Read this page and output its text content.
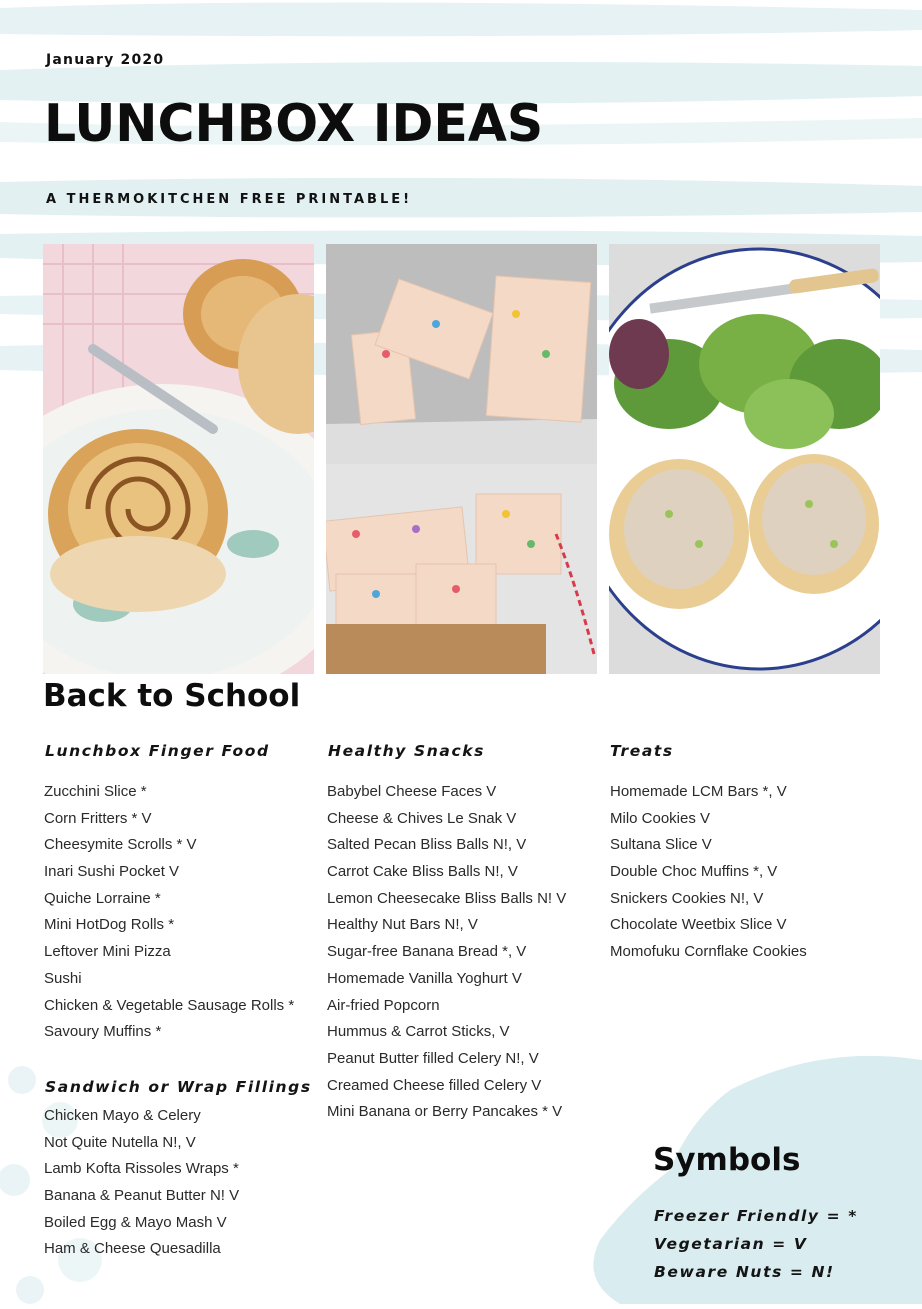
January 2020
LUNCHBOX IDEAS
A THERMOKITCHEN FREE PRINTABLE!
Back to School
Lunchbox Finger Food
Zucchini Slice *
Corn Fritters * V
Cheesymite Scrolls * V
Inari Sushi Pocket V
Quiche Lorraine *
Mini HotDog Rolls *
Leftover Mini Pizza
Sushi
Chicken & Vegetable Sausage Rolls *
Savoury Muffins *
Sandwich or Wrap Fillings
Chicken Mayo & Celery
Not Quite Nutella N!, V
Lamb Kofta Rissoles Wraps *
Banana & Peanut Butter N! V
Boiled Egg & Mayo Mash V
Ham & Cheese Quesadilla
Healthy Snacks
Babybel Cheese Faces V
Cheese & Chives Le Snak V
Salted Pecan Bliss Balls N!, V
Carrot Cake Bliss Balls N!, V
Lemon Cheesecake Bliss Balls N! V
Healthy Nut Bars N!, V
Sugar-free Banana Bread *, V
Homemade Vanilla Yoghurt V
Air-fried Popcorn
Hummus & Carrot Sticks, V
Peanut Butter filled Celery N!, V
Creamed Cheese filled Celery V
Mini Banana or Berry Pancakes * V
Treats
Homemade LCM Bars *, V
Milo Cookies V
Sultana Slice V
Double Choc Muffins *, V
Snickers Cookies N!, V
Chocolate Weetbix Slice V
Momofuku Cornflake Cookies
Symbols
Freezer Friendly = *
Vegetarian = V
Beware Nuts = N!
